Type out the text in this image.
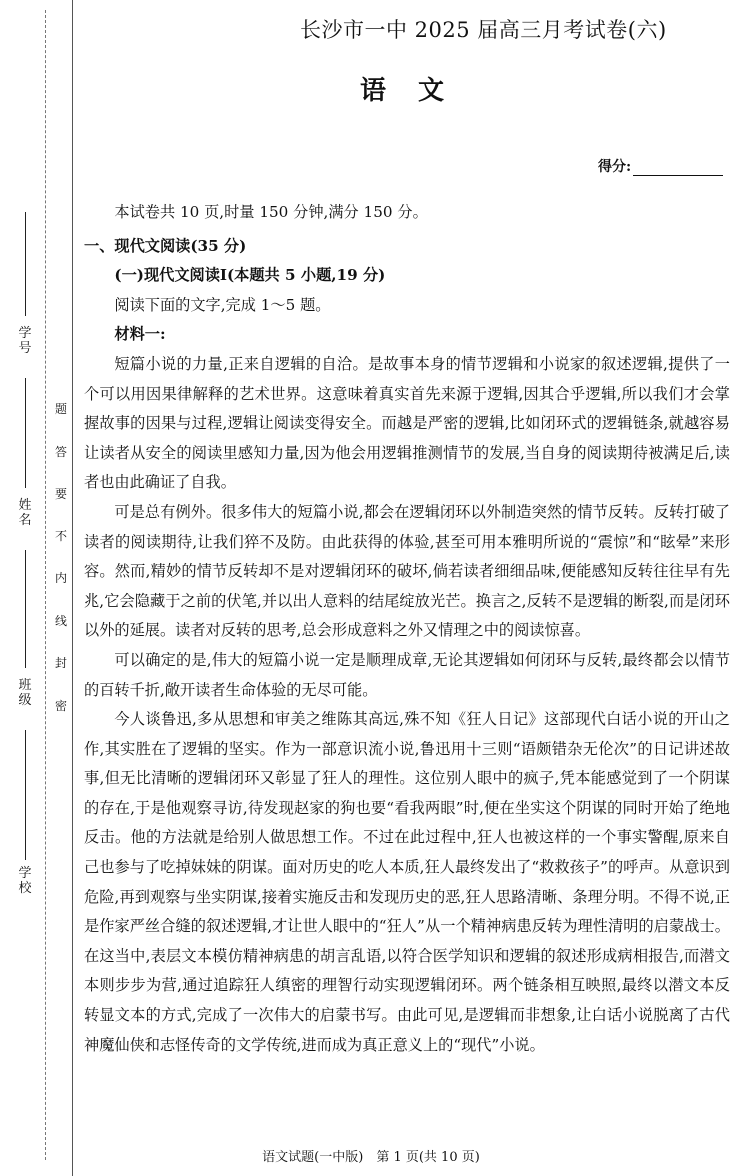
学号
姓名
班级
学校
题
答
要
不
内
线
封
密
长沙市一中 2025 届高三月考试卷(六)
语文
得分:

本试卷共 10 页,时量 150 分钟,满分 150 分。

一、现代文阅读(35 分)

(一)现代文阅读Ⅰ(本题共 5 小题,19 分)

阅读下面的文字,完成 1～5 题。

材料一:

短篇小说的力量,正来自逻辑的自洽。是故事本身的情节逻辑和小说家的叙述逻辑,提供了一个可以用因果律解释的艺术世界。这意味着真实首先来源于逻辑,因其合乎逻辑,所以我们才会掌握故事的因果与过程,逻辑让阅读变得安全。而越是严密的逻辑,比如闭环式的逻辑链条,就越容易让读者从安全的阅读里感知力量,因为他会用逻辑推测情节的发展,当自身的阅读期待被满足后,读者也由此确证了自我。

可是总有例外。很多伟大的短篇小说,都会在逻辑闭环以外制造突然的情节反转。反转打破了读者的阅读期待,让我们猝不及防。由此获得的体验,甚至可用本雅明所说的“震惊”和“眩晕”来形容。然而,精妙的情节反转却不是对逻辑闭环的破坏,倘若读者细细品味,便能感知反转往往早有先兆,它会隐藏于之前的伏笔,并以出人意料的结尾绽放光芒。换言之,反转不是逻辑的断裂,而是闭环以外的延展。读者对反转的思考,总会形成意料之外又情理之中的阅读惊喜。

可以确定的是,伟大的短篇小说一定是顺理成章,无论其逻辑如何闭环与反转,最终都会以情节的百转千折,敞开读者生命体验的无尽可能。

今人谈鲁迅,多从思想和审美之维陈其高远,殊不知《狂人日记》这部现代白话小说的开山之作,其实胜在了逻辑的坚实。作为一部意识流小说,鲁迅用十三则“语颇错杂无伦次”的日记讲述故事,但无比清晰的逻辑闭环又彰显了狂人的理性。这位别人眼中的疯子,凭本能感觉到了一个阴谋的存在,于是他观察寻访,待发现赵家的狗也要“看我两眼”时,便在坐实这个阴谋的同时开始了绝地反击。他的方法就是给别人做思想工作。不过在此过程中,狂人也被这样的一个事实警醒,原来自己也参与了吃掉妹妹的阴谋。面对历史的吃人本质,狂人最终发出了“救救孩子”的呼声。从意识到危险,再到观察与坐实阴谋,接着实施反击和发现历史的恶,狂人思路清晰、条理分明。不得不说,正是作家严丝合缝的叙述逻辑,才让世人眼中的“狂人”从一个精神病患反转为理性清明的启蒙战士。在这当中,表层文本模仿精神病患的胡言乱语,以符合医学知识和逻辑的叙述形成病相报告,而潜文本则步步为营,通过追踪狂人缜密的理智行动实现逻辑闭环。两个链条相互映照,最终以潜文本反转显文本的方式,完成了一次伟大的启蒙书写。由此可见,是逻辑而非想象,让白话小说脱离了古代神魔仙侠和志怪传奇的文学传统,进而成为真正意义上的“现代”小说。

语文试题(一中版)　第 1 页(共 10 页)
